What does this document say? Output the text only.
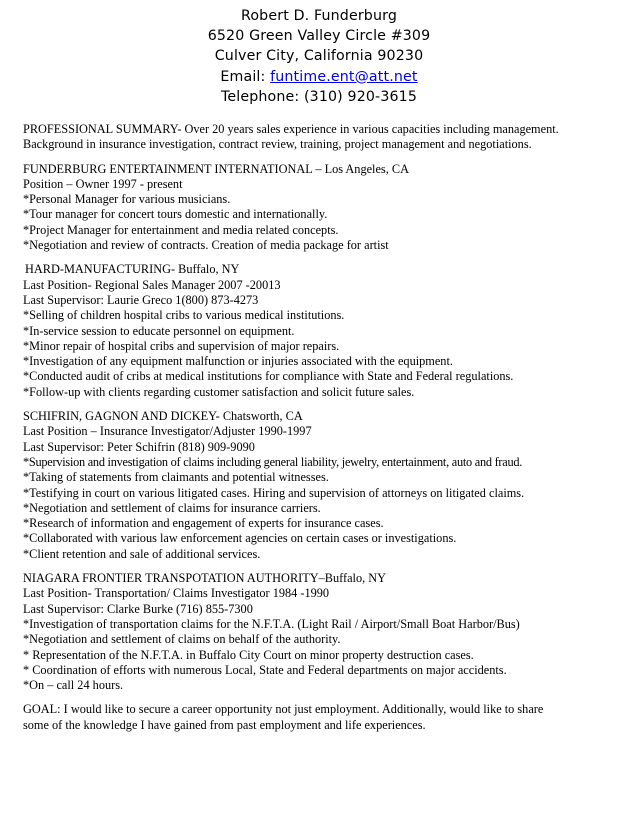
Robert D. Funderburg
6520 Green Valley Circle #309
Culver City, California 90230
Email: funtime.ent@att.net
Telephone: (310) 920-3615
PROFESSIONAL SUMMARY- Over 20 years sales experience in various capacities including management.
Background in insurance investigation, contract review, training, project management and negotiations.
FUNDERBURG ENTERTAINMENT INTERNATIONAL – Los Angeles, CA
Position – Owner 1997 - present
*Personal Manager for various musicians.
*Tour manager for concert tours domestic and internationally.
*Project Manager for entertainment and media related concepts.
*Negotiation and review of contracts. Creation of media package for artist
HARD-MANUFACTURING- Buffalo, NY
Last Position- Regional Sales Manager 2007 -20013
Last Supervisor: Laurie Greco 1(800) 873-4273
*Selling of children hospital cribs to various medical institutions.
*In-service session to educate personnel on equipment.
*Minor repair of hospital cribs and supervision of major repairs.
*Investigation of any equipment malfunction or injuries associated with the equipment.
*Conducted audit of cribs at medical institutions for compliance with State and Federal regulations.
*Follow-up with clients regarding customer satisfaction and solicit future sales.
SCHIFRIN, GAGNON AND DICKEY- Chatsworth, CA
Last Position – Insurance Investigator/Adjuster 1990-1997
Last Supervisor: Peter Schifrin (818) 909-9090
*Supervision and investigation of claims including general liability, jewelry, entertainment, auto and fraud.
*Taking of statements from claimants and potential witnesses.
*Testifying in court on various litigated cases. Hiring and supervision of attorneys on litigated claims.
*Negotiation and settlement of claims for insurance carriers.
*Research of information and engagement of experts for insurance cases.
*Collaborated with various law enforcement agencies on certain cases or investigations.
*Client retention and sale of additional services.
NIAGARA FRONTIER TRANSPOTATION AUTHORITY–Buffalo, NY
Last Position- Transportation/ Claims Investigator 1984 -1990
Last Supervisor: Clarke Burke (716) 855-7300
*Investigation of transportation claims for the N.F.T.A. (Light Rail / Airport/Small Boat Harbor/Bus)
*Negotiation and settlement of claims on behalf of the authority.
* Representation of the N.F.T.A. in Buffalo City Court on minor property destruction cases.
* Coordination of efforts with numerous Local, State and Federal departments on major accidents.
*On – call 24 hours.
GOAL: I would like to secure a career opportunity not just employment. Additionally, would like to share
some of the knowledge I have gained from past employment and life experiences.
